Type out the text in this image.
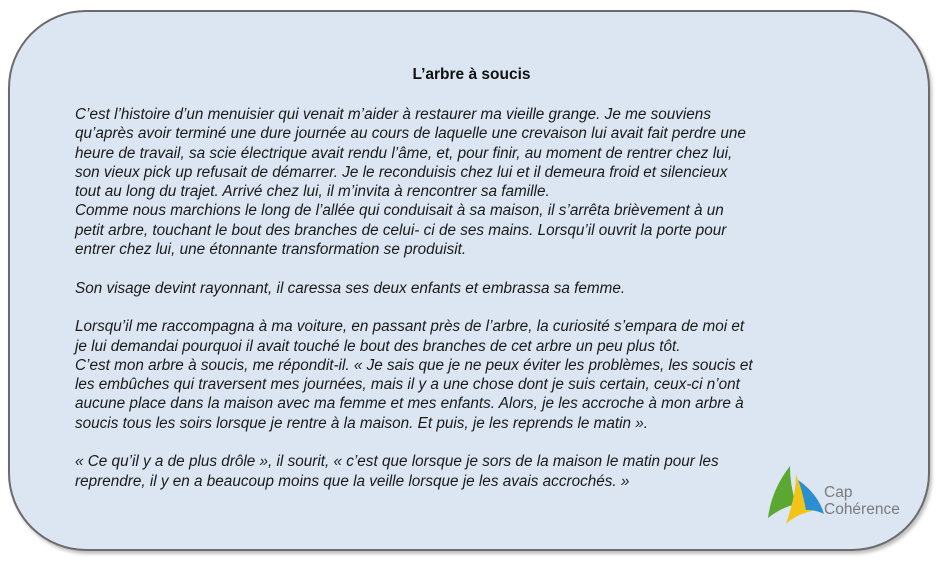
L’arbre à soucis

C’est l’histoire d’un menuisier qui venait m’aider à restaurer ma vieille grange. Je me souviens
qu’après avoir terminé une dure journée au cours de laquelle une crevaison lui avait fait perdre une
heure de travail, sa scie électrique avait rendu l’âme, et, pour finir, au moment de rentrer chez lui,
son vieux pick up refusait de démarrer. Je le reconduisis chez lui et il demeura froid et silencieux
tout au long du trajet. Arrivé chez lui, il m’invita à rencontrer sa famille.
Comme nous marchions le long de l’allée qui conduisait à sa maison, il s’arrêta brièvement à un
petit arbre, touchant le bout des branches de celui- ci de ses mains. Lorsqu’il ouvrit la porte pour
entrer chez lui, une étonnante transformation se produisit.

Son visage devint rayonnant, il caressa ses deux enfants et embrassa sa femme.

Lorsqu’il me raccompagna à ma voiture, en passant près de l’arbre, la curiosité s’empara de moi et
je lui demandai pourquoi il avait touché le bout des branches de cet arbre un peu plus tôt.
C’est mon arbre à soucis, me répondit-il. « Je sais que je ne peux éviter les problèmes, les soucis et
les embûches qui traversent mes journées, mais il y a une chose dont je suis certain, ceux-ci n’ont
aucune place dans la maison avec ma femme et mes enfants. Alors, je les accroche à mon arbre à
soucis tous les soirs lorsque je rentre à la maison. Et puis, je les reprends le matin ».

« Ce qu’il y a de plus drôle », il sourit, « c’est que lorsque je sors de la maison le matin pour les
reprendre, il y en a beaucoup moins que la veille lorsque je les avais accrochés. »

Cap
Cohérence
